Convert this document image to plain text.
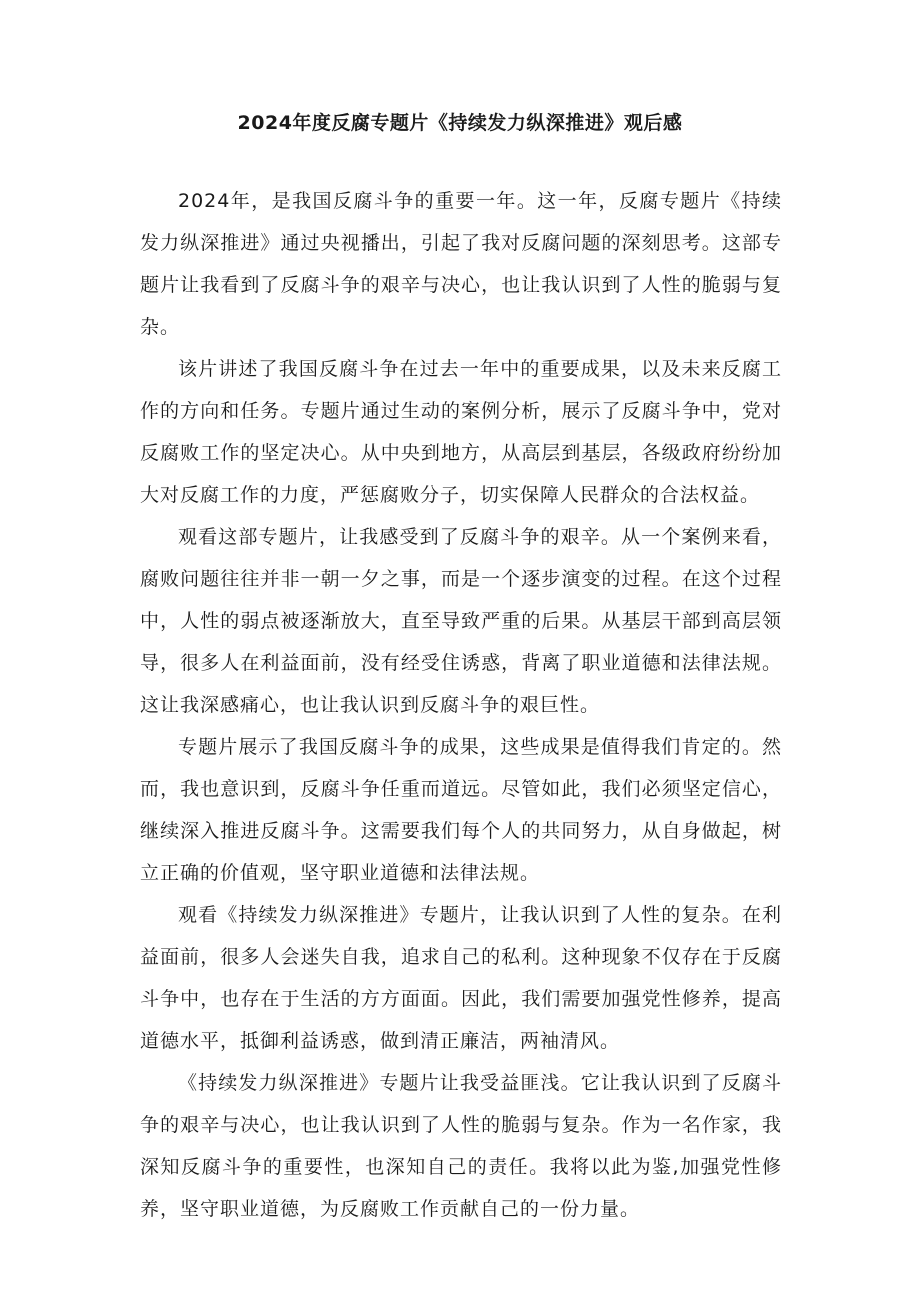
2024年度反腐专题片《持续发力纵深推进》观后感

2024年，是我国反腐斗争的重要一年。这一年，反腐专题片《持续发力纵深推进》通过央视播出，引起了我对反腐问题的深刻思考。这部专题片让我看到了反腐斗争的艰辛与决心，也让我认识到了人性的脆弱与复杂。

该片讲述了我国反腐斗争在过去一年中的重要成果，以及未来反腐工作的方向和任务。专题片通过生动的案例分析，展示了反腐斗争中，党对反腐败工作的坚定决心。从中央到地方，从高层到基层，各级政府纷纷加大对反腐工作的力度，严惩腐败分子，切实保障人民群众的合法权益。

观看这部专题片，让我感受到了反腐斗争的艰辛。从一个案例来看，腐败问题往往并非一朝一夕之事，而是一个逐步演变的过程。在这个过程中，人性的弱点被逐渐放大，直至导致严重的后果。从基层干部到高层领导，很多人在利益面前，没有经受住诱惑，背离了职业道德和法律法规。这让我深感痛心，也让我认识到反腐斗争的艰巨性。

专题片展示了我国反腐斗争的成果，这些成果是值得我们肯定的。然而，我也意识到，反腐斗争任重而道远。尽管如此，我们必须坚定信心，继续深入推进反腐斗争。这需要我们每个人的共同努力，从自身做起，树立正确的价值观，坚守职业道德和法律法规。

观看《持续发力纵深推进》专题片，让我认识到了人性的复杂。在利益面前，很多人会迷失自我，追求自己的私利。这种现象不仅存在于反腐斗争中，也存在于生活的方方面面。因此，我们需要加强党性修养，提高道德水平，抵御利益诱惑，做到清正廉洁，两袖清风。

《持续发力纵深推进》专题片让我受益匪浅。它让我认识到了反腐斗争的艰辛与决心，也让我认识到了人性的脆弱与复杂。作为一名作家，我深知反腐斗争的重要性，也深知自己的责任。我将以此为鉴,加强党性修养，坚守职业道德，为反腐败工作贡献自己的一份力量。
